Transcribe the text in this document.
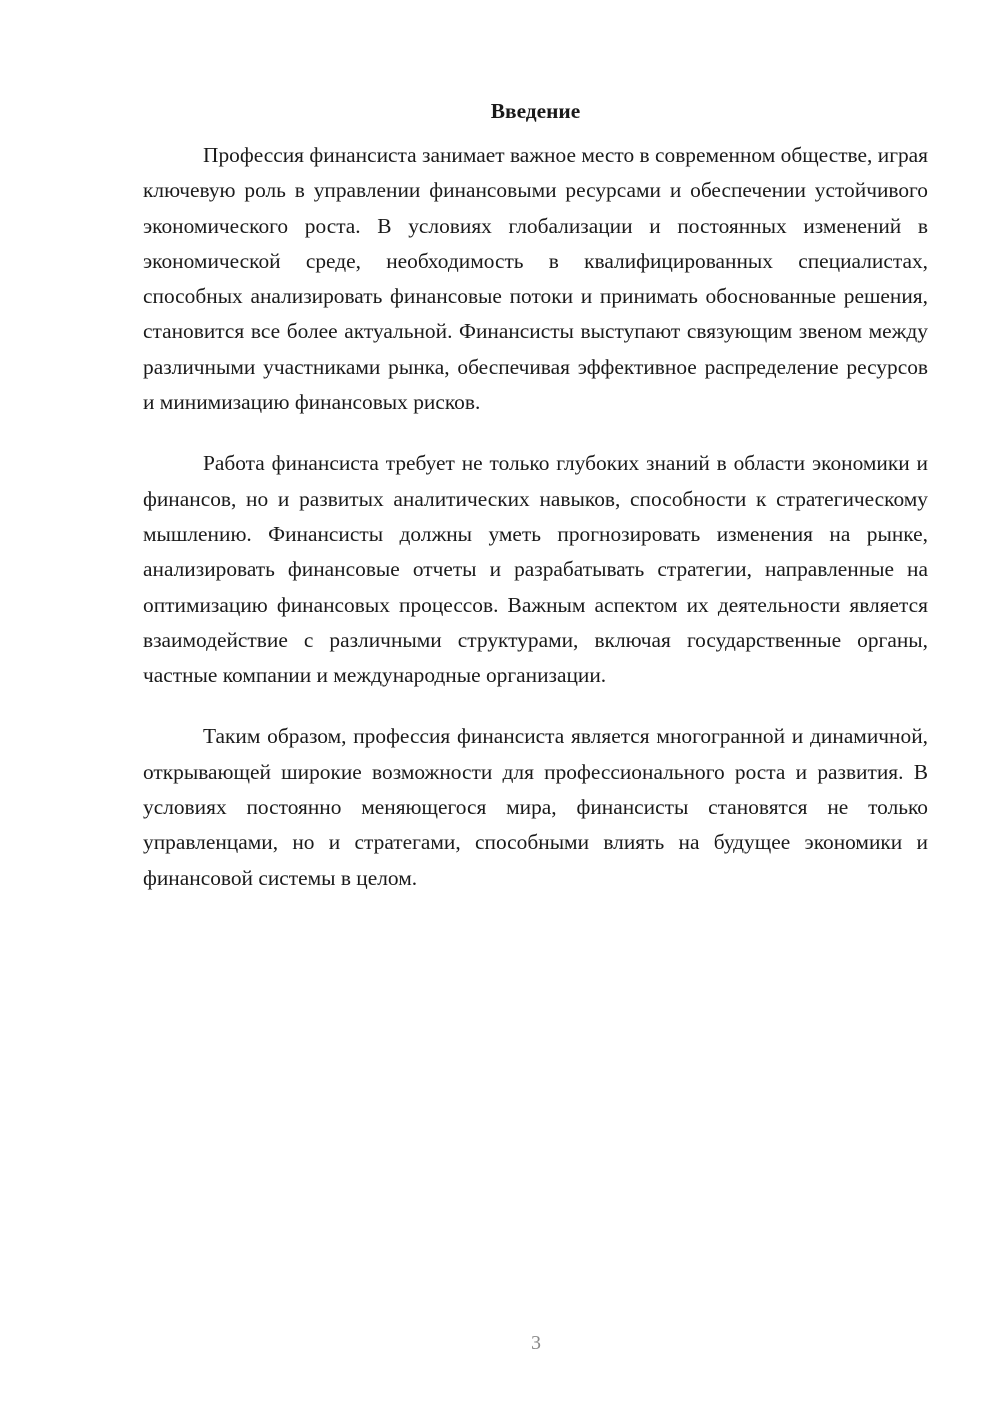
Введение

Профессия финансиста занимает важное место в современном обществе, играя ключевую роль в управлении финансовыми ресурсами и обеспечении устойчивого экономического роста. В условиях глобализации и постоянных изменений в экономической среде, необходимость в квалифицированных специалистах, способных анализировать финансовые потоки и принимать обоснованные решения, становится все более актуальной. Финансисты выступают связующим звеном между различными участниками рынка, обеспечивая эффективное распределение ресурсов и минимизацию финансовых рисков.

Работа финансиста требует не только глубоких знаний в области экономики и финансов, но и развитых аналитических навыков, способности к стратегическому мышлению. Финансисты должны уметь прогнозировать изменения на рынке, анализировать финансовые отчеты и разрабатывать стратегии, направленные на оптимизацию финансовых процессов. Важным аспектом их деятельности является взаимодействие с различными структурами, включая государственные органы, частные компании и международные организации.

Таким образом, профессия финансиста является многогранной и динамичной, открывающей широкие возможности для профессионального роста и развития. В условиях постоянно меняющегося мира, финансисты становятся не только управленцами, но и стратегами, способными влиять на будущее экономики и финансовой системы в целом.

3
